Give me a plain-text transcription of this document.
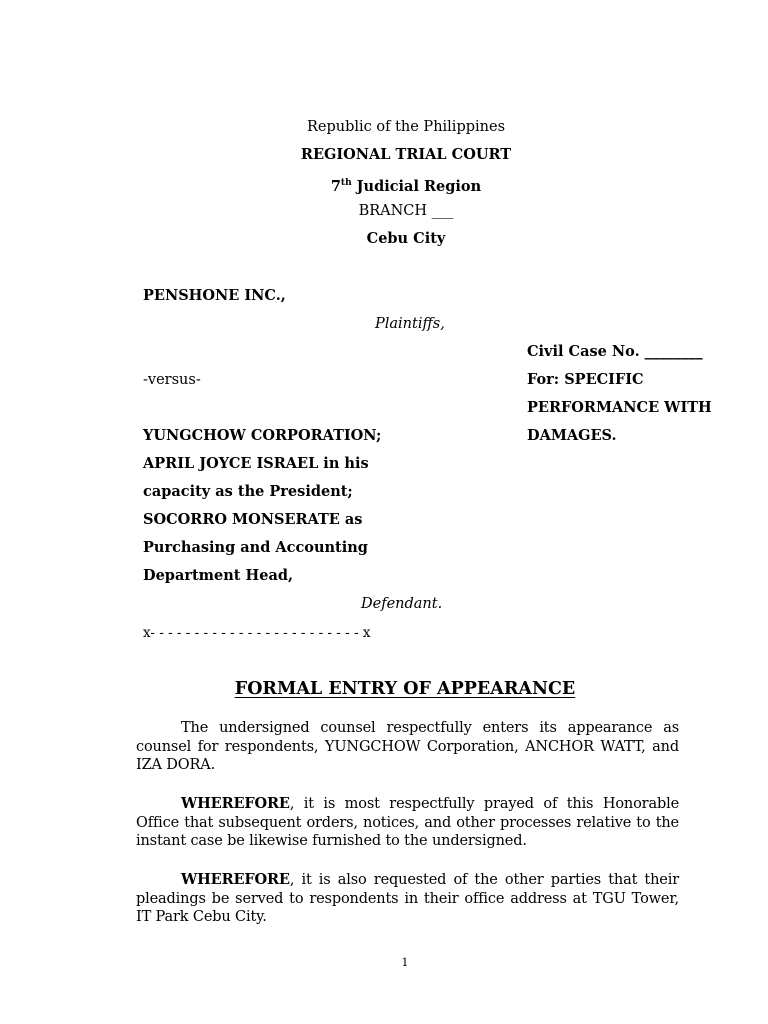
Republic of the Philippines
REGIONAL TRIAL COURT
7th Judicial Region
BRANCH ___
Cebu City
PENSHONE INC.,
Plaintiffs,
-versus-
YUNGCHOW CORPORATION;
APRIL JOYCE ISRAEL in his
capacity as the President;
SOCORRO MONSERATE as
Purchasing and Accounting
Department Head,
Defendant.
x- - - - - - - - - - - - - - - - - - - - - - - - x
Civil Case No. ________
For: SPECIFIC
PERFORMANCE WITH
DAMAGES.
FORMAL ENTRY OF APPEARANCE
The undersigned counsel respectfully enters its appearance as counsel for respondents, YUNGCHOW Corporation, ANCHOR WATT, and IZA DORA.
WHEREFORE, it is most respectfully prayed of this Honorable Office that subsequent orders, notices, and other processes relative to the instant case be likewise furnished to the undersigned.
WHEREFORE, it is also requested of the other parties that their pleadings be served to respondents in their office address at TGU Tower, IT Park Cebu City.
1
